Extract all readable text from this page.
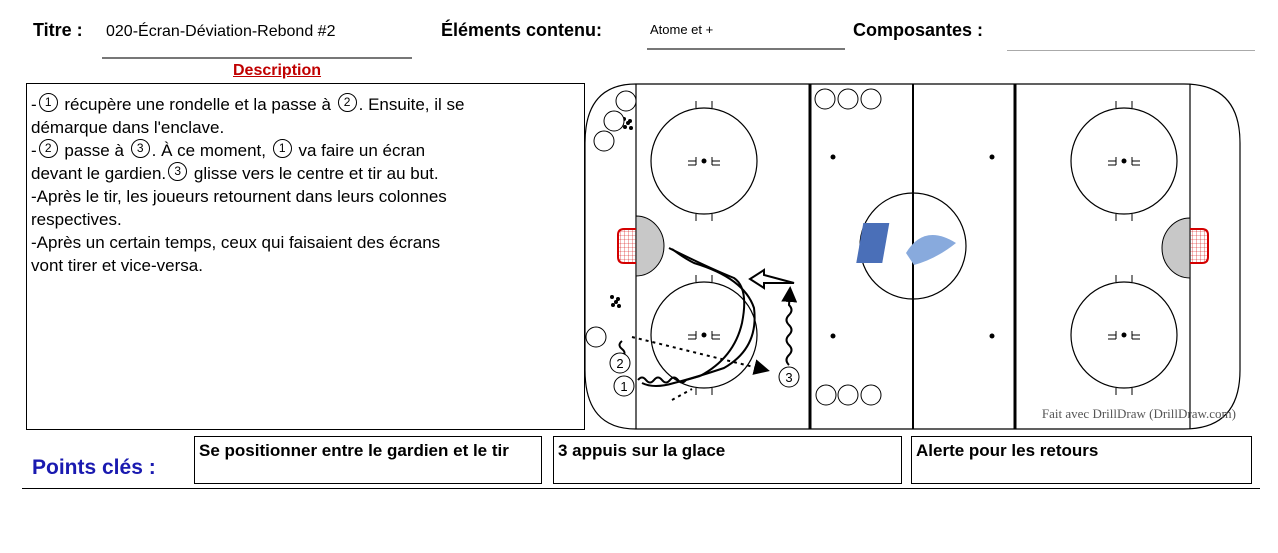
Titre : 020-Écran-Déviation-Rebond #2	Éléments contenu:	Atome et +	Composantes :
Description
- 1 récupère une rondelle et la passe à 2 . Ensuite, il se
démarque dans l'enclave.
- 2 passe à 3 . À ce moment, 1 va faire un écran
devant le gardien. 3 glisse vers le centre et tir au but.
-Après le tir, les joueurs retournent dans leurs colonnes
respectives.
-Après un certain temps, ceux qui faisaient des écrans
vont tirer et vice-versa.
2
1
3
Fait avec DrillDraw (DrillDraw.com)
Points clés :
Se positionner entre le gardien et le tir	3 appuis sur la glace	Alerte pour les retours
